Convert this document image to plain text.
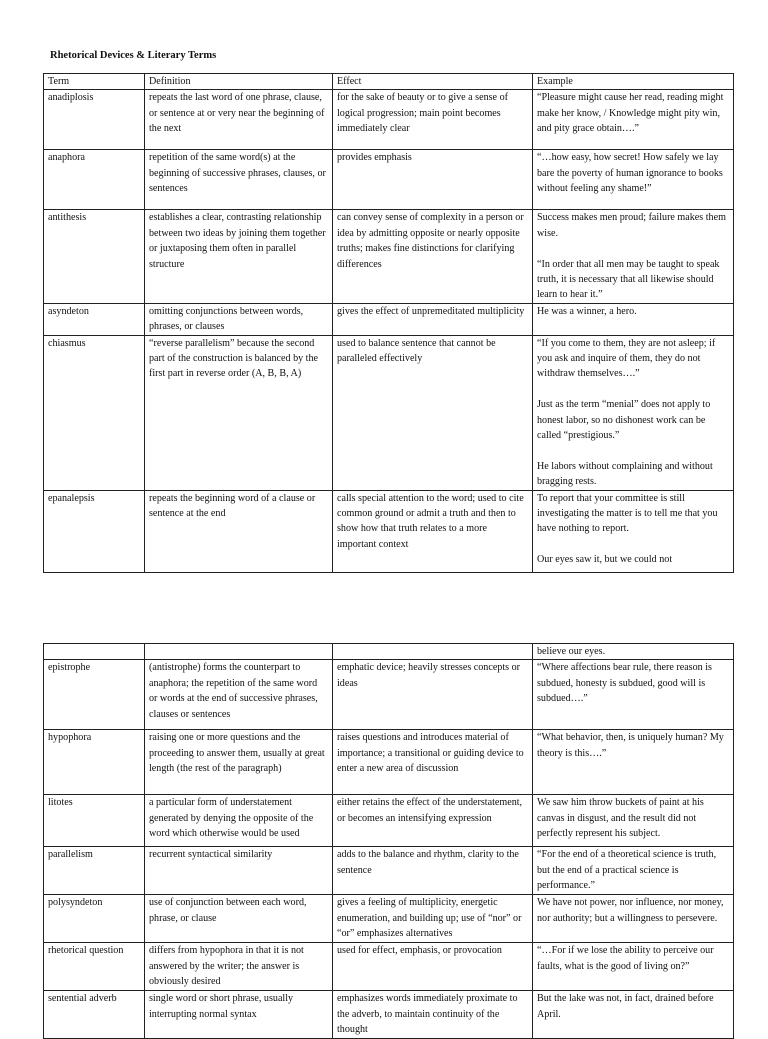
Rhetorical Devices & Literary Terms
Term	Definition	Effect	Example
anadiplosis	repeats the last word of one phrase, clause, or sentence at or very near the beginning of the next	for the sake of beauty or to give a sense of logical progression; main point becomes immediately clear	“Pleasure might cause her read, reading might make her know, / Knowledge might pity win, and pity grace obtain….”

anaphora	repetition of the same word(s) at the beginning of successive phrases, clauses, or sentences	provides emphasis	“…how easy, how secret! How safely we lay bare the poverty of human ignorance to books without feeling any shame!”

antithesis	establishes a clear, contrasting relationship between two ideas by joining them together or juxtaposing them often in parallel structure	can convey sense of complexity in a person or idea by admitting opposite or nearly opposite truths; makes fine distinctions for clarifying differences	Success makes men proud; failure makes them wise.
“In order that all men may be taught to speak truth, it is necessary that all likewise should learn to hear it.”

asyndeton	omitting conjunctions between words, phrases, or clauses	gives the effect of unpremeditated multiplicity	He was a winner, a hero.

chiasmus	“reverse parallelism” because the second part of the construction is balanced by the first part in reverse order (A, B, B, A)	used to balance sentence that cannot be paralleled effectively	“If you come to them, they are not asleep; if you ask and inquire of them, they do not withdraw themselves….”
Just as the term “menial” does not apply to honest labor, so no dishonest work can be called “prestigious.”
He labors without complaining and without bragging rests.

epanalepsis	repeats the beginning word of a clause or sentence at the end	calls special attention to the word; used to cite common ground or admit a truth and then to show how that truth relates to a more important context	To report that your committee is still investigating the matter is to tell me that you have nothing to report.
Our eyes saw it, but we could not

			believe our eyes.

epistrophe	(antistrophe) forms the counterpart to anaphora; the repetition of the same word or words at the end of successive phrases, clauses or sentences	emphatic device; heavily stresses concepts or ideas	“Where affections bear rule, there reason is subdued, honesty is subdued, good will is subdued….”

hypophora	raising one or more questions and the proceeding to answer them, usually at great length (the rest of the paragraph)	raises questions and introduces material of importance; a transitional or guiding device to enter a new area of discussion	“What behavior, then, is uniquely human? My theory is this….”

litotes	a particular form of understatement generated by denying the opposite of the word which otherwise would be used	either retains the effect of the understatement, or becomes an intensifying expression	We saw him throw buckets of paint at his canvas in disgust, and the result did not perfectly represent his subject.

parallelism	recurrent syntactical similarity	adds to the balance and rhythm, clarity to the sentence	“For the end of a theoretical science is truth, but the end of a practical science is performance.”

polysyndeton	use of conjunction between each word, phrase, or clause	gives a feeling of multiplicity, energetic enumeration, and building up; use of “nor” or “or” emphasizes alternatives	We have not power, nor influence, nor money, nor authority; but a willingness to persevere.

rhetorical question	differs from hypophora in that it is not answered by the writer; the answer is obviously desired	used for effect, emphasis, or provocation	“…For if we lose the ability to perceive our faults, what is the good of living on?”

sentential adverb	single word or short phrase, usually interrupting normal syntax	emphasizes words immediately proximate to the adverb, to maintain continuity of the thought	But the lake was not, in fact, drained before April.
